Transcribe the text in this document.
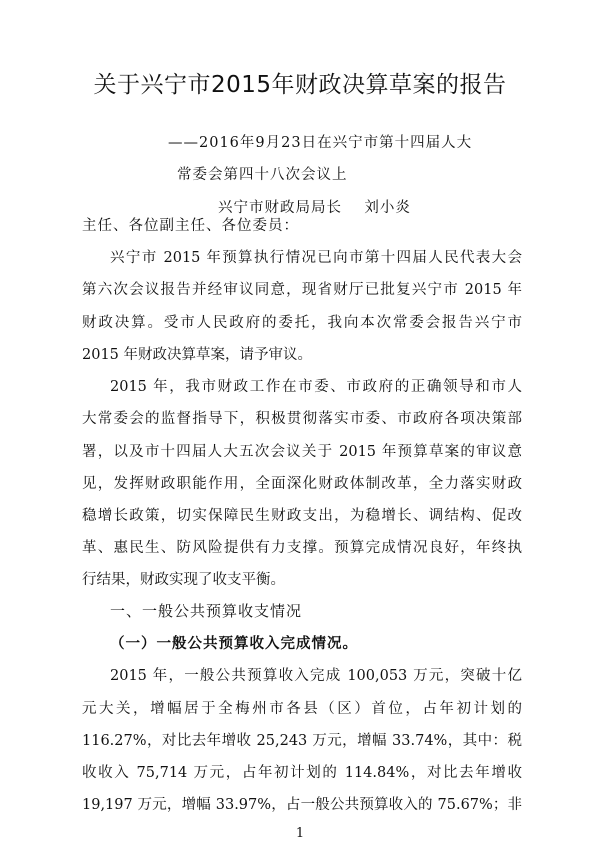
关于兴宁市2015年财政决算草案的报告
——2016年9月23日在兴宁市第十四届人大
常委会第四十八次会议上
兴宁市财政局局长    刘小炎
主任、各位副主任、各位委员：
兴宁市 2015 年预算执行情况已向市第十四届人民代表大会
第六次会议报告并经审议同意，现省财厅已批复兴宁市 2015 年
财政决算。受市人民政府的委托，我向本次常委会报告兴宁市
2015 年财政决算草案，请予审议。
2015 年，我市财政工作在市委、市政府的正确领导和市人
大常委会的监督指导下，积极贯彻落实市委、市政府各项决策部
署，以及市十四届人大五次会议关于 2015 年预算草案的审议意
见，发挥财政职能作用，全面深化财政体制改革，全力落实财政
稳增长政策，切实保障民生财政支出，为稳增长、调结构、促改
革、惠民生、防风险提供有力支撑。预算完成情况良好，年终执
行结果，财政实现了收支平衡。
一、一般公共预算收支情况
（一）一般公共预算收入完成情况。
2015 年，一般公共预算收入完成 100,053 万元，突破十亿
元大关，增幅居于全梅州市各县（区）首位，占年初计划的
116.27%，对比去年增收 25,243 万元，增幅 33.74%，其中：税
收收入 75,714 万元，占年初计划的 114.84%，对比去年增收
19,197 万元，增幅 33.97%，占一般公共预算收入的 75.67%；非
1
